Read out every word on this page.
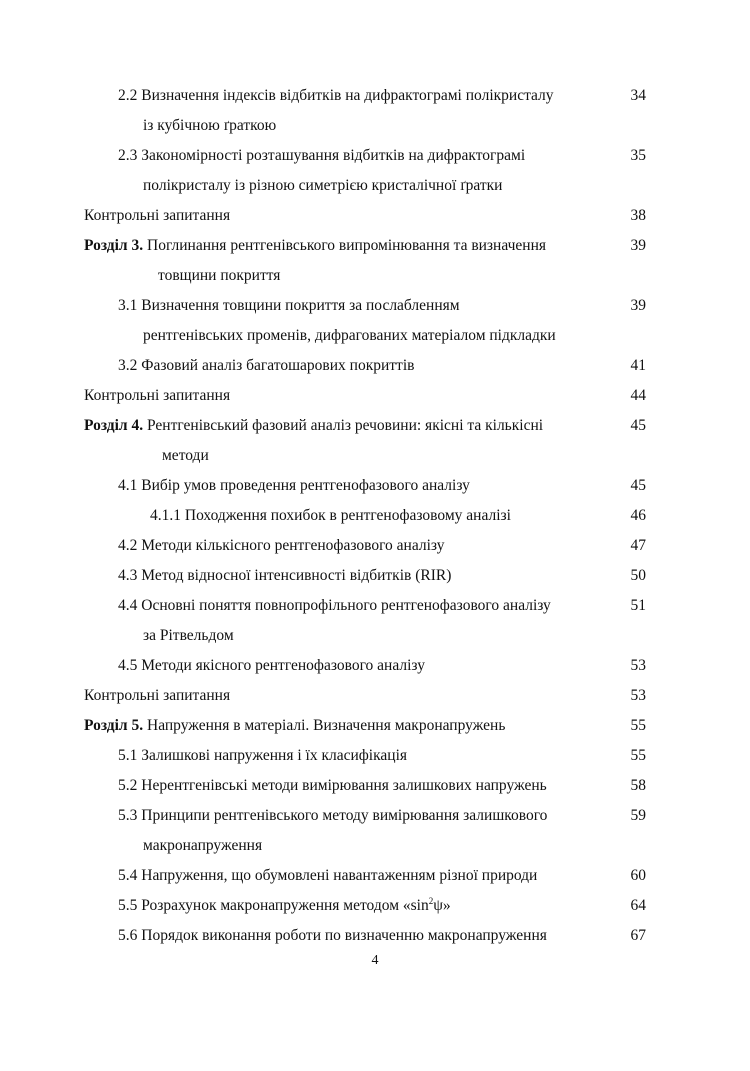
2.2 Визначення індексів відбитків на дифрактограмі полікристалу	34
із кубічною ґраткою
2.3 Закономірності розташування відбитків на дифрактограмі	35
полікристалу із різною симетрією кристалічної ґратки
Контрольні запитання	38
Розділ 3. Поглинання рентгенівського випромінювання та визначення	39
товщини покриття
3.1 Визначення товщини покриття за послабленням	39
рентгенівських променів, дифрагованих матеріалом підкладки
3.2 Фазовий аналіз багатошарових покриттів	41
Контрольні запитання	44
Розділ 4. Рентгенівський фазовий аналіз речовини: якісні та кількісні	45
методи
4.1 Вибір умов проведення рентгенофазового аналізу	45
4.1.1 Походження похибок в рентгенофазовому аналізі	46
4.2 Методи кількісного рентгенофазового аналізу	47
4.3 Метод відносної інтенсивності відбитків (RIR)	50
4.4 Основні поняття повнопрофільного рентгенофазового аналізу	51
за Рітвельдом
4.5 Методи якісного рентгенофазового аналізу	53
Контрольні запитання	53
Розділ 5. Напруження в матеріалі. Визначення макронапружень	55
5.1 Залишкові напруження і їх класифікація	55
5.2 Нерентгенівські методи вимірювання залишкових напружень	58
5.3 Принципи рентгенівського методу вимірювання залишкового	59
макронапруження
5.4 Напруження, що обумовлені навантаженням різної природи	60
5.5 Розрахунок макронапруження методом «$\sin^2\psi$»	64
5.6 Порядок виконання роботи по визначенню макронапруження	67
4
